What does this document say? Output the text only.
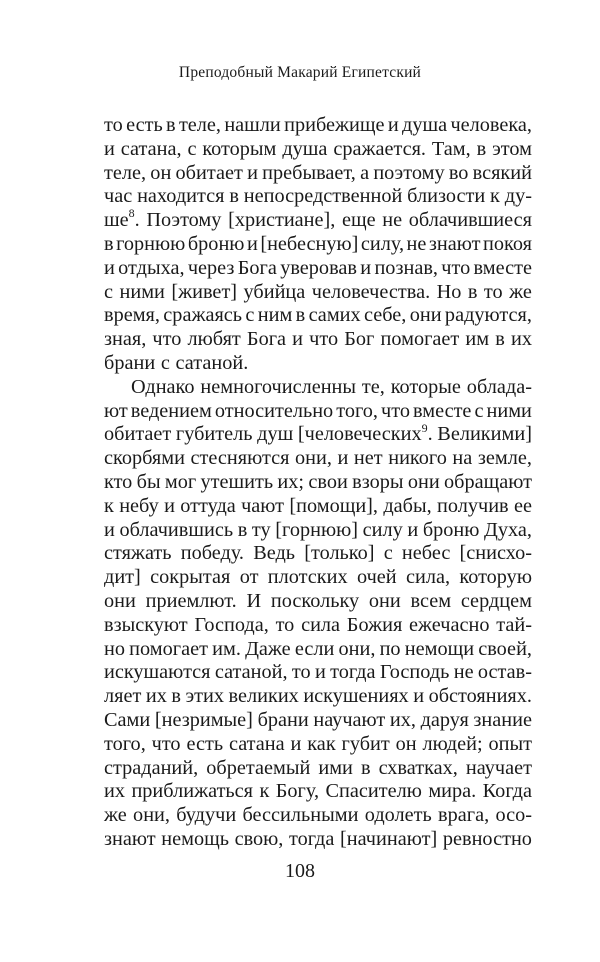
Преподобный Макарий Египетский
то есть в теле, нашли прибежище и душа человека,
и сатана, с которым душа сражается. Там, в этом
теле, он обитает и пребывает, а поэтому во всякий
час находится в непосредственной близости к ду-
$ше^8$. Поэтому [христиане], еще не облачившиеся
в горнюю броню и [небесную] силу, не знают покоя
и отдыха, через Бога уверовав и познав, что вместе
с ними [живет] убийца человечества. Но в то же
время, сражаясь с ним в самих себе, они радуются,
зная, что любят Бога и что Бог помогает им в их
брани с сатаной.
Однако немногочисленны те, которые облада-
ют ведением относительно того, что вместе с ними
обитает губитель душ [человеческих$^9$. Великими]
скорбями стесняются они, и нет никого на земле,
кто бы мог утешить их; свои взоры они обращают
к небу и оттуда чают [помощи], дабы, получив ее
и облачившись в ту [горнюю] силу и броню Духа,
стяжать победу. Ведь [только] с небес [снисхо-
дит] сокрытая от плотских очей сила, которую
они приемлют. И поскольку они всем сердцем
взыскуют Господа, то сила Божия ежечасно тай-
но помогает им. Даже если они, по немощи своей,
искушаются сатаной, то и тогда Господь не остав-
ляет их в этих великих искушениях и обстояниях.
Сами [незримые] брани научают их, даруя знание
того, что есть сатана и как губит он людей; опыт
страданий, обретаемый ими в схватках, научает
их приближаться к Богу, Спасителю мира. Когда
же они, будучи бессильными одолеть врага, осо-
знают немощь свою, тогда [начинают] ревностно
108
